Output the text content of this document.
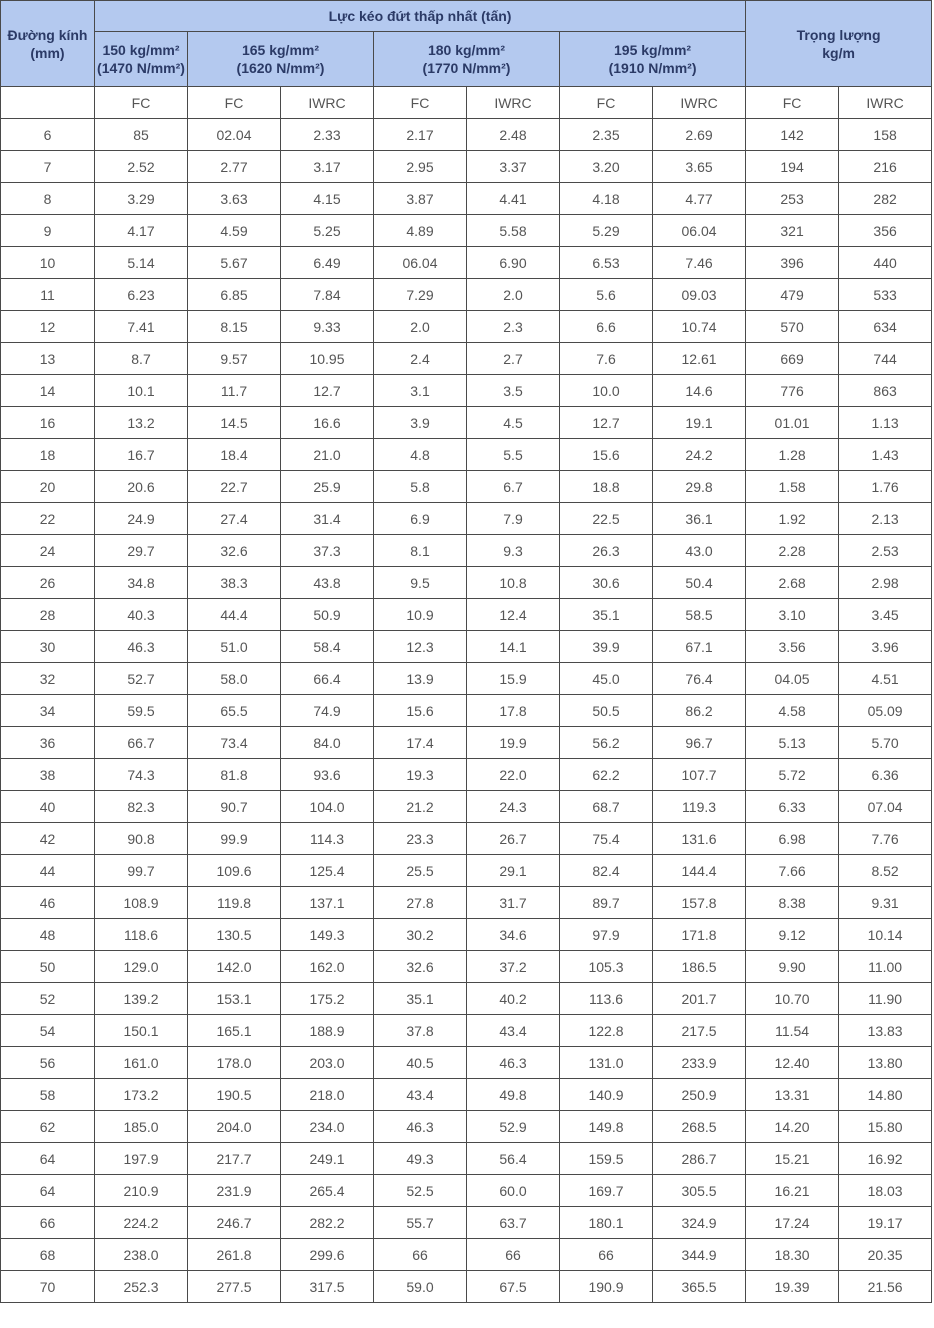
Đường kính
(mm)	Lực kéo đứt thấp nhất (tấn)							Trọng lượng
kg/m	

	150 kg/mm²
(1470 N/mm²)	165 kg/mm²
(1620 N/mm²)		180 kg/mm²
(1770 N/mm²)		195 kg/mm²
(1910 N/mm²)			

	FC	FC	IWRC	FC	IWRC	FC	IWRC	FC	IWRC
6	85	02.04	2.33	2.17	2.48	2.35	2.69	142	158
7	2.52	2.77	3.17	2.95	3.37	3.20	3.65	194	216
8	3.29	3.63	4.15	3.87	4.41	4.18	4.77	253	282
9	4.17	4.59	5.25	4.89	5.58	5.29	06.04	321	356
10	5.14	5.67	6.49	06.04	6.90	6.53	7.46	396	440
11	6.23	6.85	7.84	7.29	2.0	5.6	09.03	479	533
12	7.41	8.15	9.33	2.0	2.3	6.6	10.74	570	634
13	8.7	9.57	10.95	2.4	2.7	7.6	12.61	669	744
14	10.1	11.7	12.7	3.1	3.5	10.0	14.6	776	863
16	13.2	14.5	16.6	3.9	4.5	12.7	19.1	01.01	1.13
18	16.7	18.4	21.0	4.8	5.5	15.6	24.2	1.28	1.43
20	20.6	22.7	25.9	5.8	6.7	18.8	29.8	1.58	1.76
22	24.9	27.4	31.4	6.9	7.9	22.5	36.1	1.92	2.13
24	29.7	32.6	37.3	8.1	9.3	26.3	43.0	2.28	2.53
26	34.8	38.3	43.8	9.5	10.8	30.6	50.4	2.68	2.98
28	40.3	44.4	50.9	10.9	12.4	35.1	58.5	3.10	3.45
30	46.3	51.0	58.4	12.3	14.1	39.9	67.1	3.56	3.96
32	52.7	58.0	66.4	13.9	15.9	45.0	76.4	04.05	4.51
34	59.5	65.5	74.9	15.6	17.8	50.5	86.2	4.58	05.09
36	66.7	73.4	84.0	17.4	19.9	56.2	96.7	5.13	5.70
38	74.3	81.8	93.6	19.3	22.0	62.2	107.7	5.72	6.36
40	82.3	90.7	104.0	21.2	24.3	68.7	119.3	6.33	07.04
42	90.8	99.9	114.3	23.3	26.7	75.4	131.6	6.98	7.76
44	99.7	109.6	125.4	25.5	29.1	82.4	144.4	7.66	8.52
46	108.9	119.8	137.1	27.8	31.7	89.7	157.8	8.38	9.31
48	118.6	130.5	149.3	30.2	34.6	97.9	171.8	9.12	10.14
50	129.0	142.0	162.0	32.6	37.2	105.3	186.5	9.90	11.00
52	139.2	153.1	175.2	35.1	40.2	113.6	201.7	10.70	11.90
54	150.1	165.1	188.9	37.8	43.4	122.8	217.5	11.54	13.83
56	161.0	178.0	203.0	40.5	46.3	131.0	233.9	12.40	13.80
58	173.2	190.5	218.0	43.4	49.8	140.9	250.9	13.31	14.80
62	185.0	204.0	234.0	46.3	52.9	149.8	268.5	14.20	15.80
64	197.9	217.7	249.1	49.3	56.4	159.5	286.7	15.21	16.92
64	210.9	231.9	265.4	52.5	60.0	169.7	305.5	16.21	18.03
66	224.2	246.7	282.2	55.7	63.7	180.1	324.9	17.24	19.17
68	238.0	261.8	299.6	66	66	66	344.9	18.30	20.35
70	252.3	277.5	317.5	59.0	67.5	190.9	365.5	19.39	21.56
